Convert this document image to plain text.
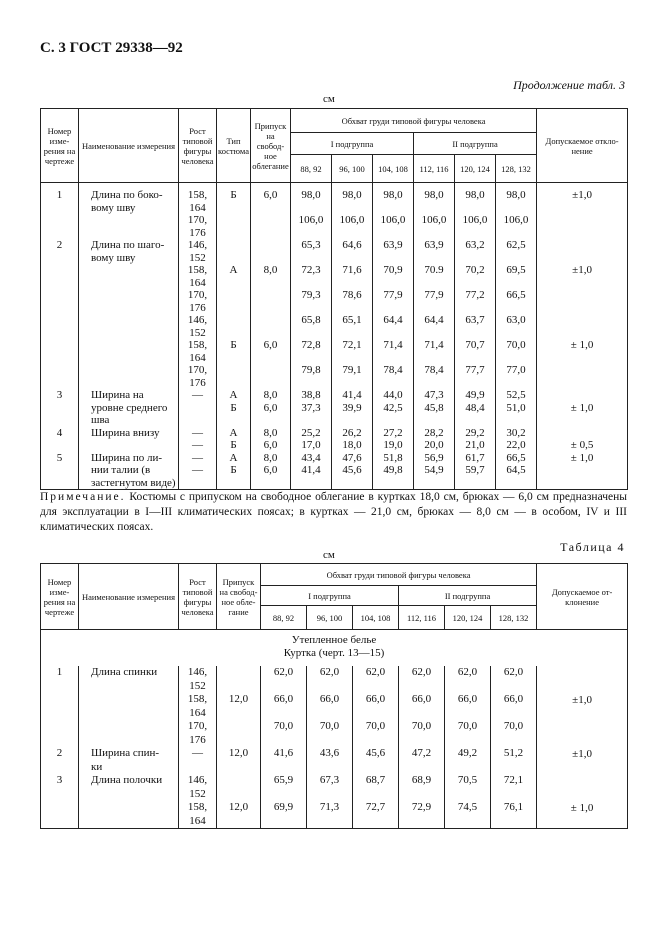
С. 3 ГОСТ 29338—92
Продолжение табл. 3
см
Номер измерения на чертеже	Наименование измерения	Рост типовой фигуры человека	Тип костюма	Припуск на свободное облегание	Обхват груди типовой фигуры человека						Допускаемое отклонение
					I подгруппа			II подгруппа			
					88, 92	96, 100	104, 108	112, 116	120, 124	128, 132	
1	Длина по боко-	158,	Б	6,0	98,0	98,0	98,0	98,0	98,0	98,0	±1,0
	вому шву	164									
		170,			106,0	106,0	106,0	106,0	106,0	106,0	
		176									
2	Длина по шаго-	146,			65,3	64,6	63,9	63,9	63,2	62,5	
	вому шву	152									
		158,	А	8,0	72,3	71,6	70,9	70.9	70,2	69,5	±1,0
		164									
		170,			79,3	78,6	77,9	77,9	77,2	66,5	
		176									
		146,			65,8	65,1	64,4	64,4	63,7	63,0	
		152									
		158,	Б	6,0	72,8	72,1	71,4	71,4	70,7	70,0	± 1,0
		164									
		170,			79,8	79,1	78,4	78,4	77,7	77,0	
		176									
3	Ширина на	—	А	8,0	38,8	41,4	44,0	47,3	49,9	52,5	
	уровне среднего		Б	6,0	37,3	39,9	42,5	45,8	48,4	51,0	± 1,0
	шва										
4	Ширина внизу	—	А	8,0	25,2	26,2	27,2	28,2	29,2	30,2	
		—	Б	6,0	17,0	18,0	19,0	20,0	21,0	22,0	± 0,5
5	Ширина по ли-	—	А	8,0	43,4	47,6	51,8	56,9	61,7	66,5	± 1,0
	нии талии (в	—	Б	6,0	41,4	45,6	49,8	54,9	59,7	64,5	
	застегнутом виде)										
Примечание. Костюмы с припуском на свободное облегание в куртках 18,0 см, брюках — 6,0 см предназначены для эксплуатации в I—III климатических поясах; в куртках — 21,0 см, брюках — 8,0 см — в особом, IV и III климатических поясах.
см
Таблица 4
Номер измерения на чертеже	Наименование измерения	Рост типовой фигуры человека	Припуск на свободное облегание	Обхват груди типовой фигуры человека						Допускаемое отклонение
				I подгруппа			II подгруппа			
				88, 92	96, 100	104, 108	112, 116	120, 124	128, 132	

Утепленное белье
Куртка (черт. 13—15)										

1	Длина спинки	146,		62,0	62,0	62,0	62,0	62,0	62,0	
		152								
		158,	12,0	66,0	66,0	66,0	66,0	66,0	66,0	±1,0
		164								
		170,		70,0	70,0	70,0	70,0	70,0	70,0	
		176								
2	Ширина спин-	—	12,0	41,6	43,6	45,6	47,2	49,2	51,2	±1,0
	ки									
3	Длина полочки	146,		65,9	67,3	68,7	68,9	70,5	72,1	
		152								
		158,	12,0	69,9	71,3	72,7	72,9	74,5	76,1	± 1,0
		164								
